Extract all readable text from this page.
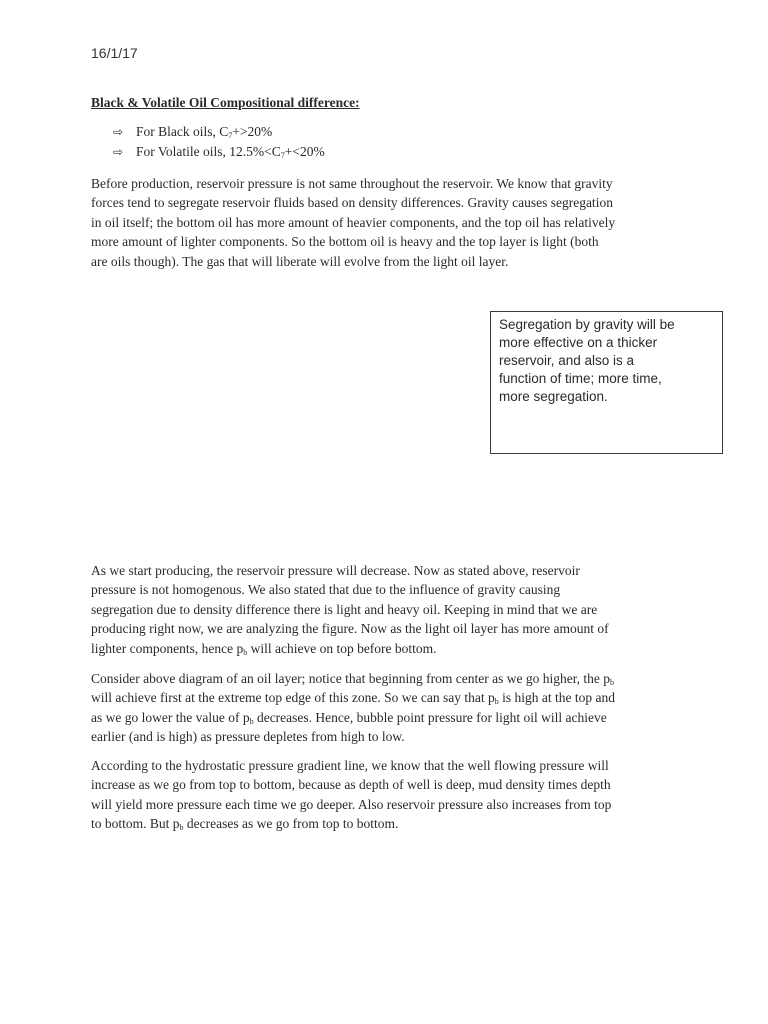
16/1/17
Black & Volatile Oil Compositional difference:
⇨ For Black oils, $C_7+>20\%$
⇨ For Volatile oils, $12.5\%<C_7+<20\%$

Before production, reservoir pressure is not same throughout the reservoir. We know that gravity
forces tend to segregate reservoir fluids based on density differences. Gravity causes segregation
in oil itself; the bottom oil has more amount of heavier components, and the top oil has relatively
more amount of lighter components. So the bottom oil is heavy and the top layer is light (both
are oils though). The gas that will liberate will evolve from the light oil layer.

Segregation by gravity will be
more effective on a thicker
reservoir, and also is a
function of time; more time,
more segregation.

As we start producing, the reservoir pressure will decrease. Now as stated above, reservoir
pressure is not homogenous. We also stated that due to the influence of gravity causing
segregation due to density difference there is light and heavy oil. Keeping in mind that we are
producing right now, we are analyzing the figure. Now as the light oil layer has more amount of
lighter components, hence $p_b$ will achieve on top before bottom.

Consider above diagram of an oil layer; notice that beginning from center as we go higher, the $p_b$
will achieve first at the extreme top edge of this zone. So we can say that $p_b$ is high at the top and
as we go lower the value of $p_b$ decreases. Hence, bubble point pressure for light oil will achieve
earlier (and is high) as pressure depletes from high to low.

According to the hydrostatic pressure gradient line, we know that the well flowing pressure will
increase as we go from top to bottom, because as depth of well is deep, mud density times depth
will yield more pressure each time we go deeper. Also reservoir pressure also increases from top
to bottom. But $p_b$ decreases as we go from top to bottom.
